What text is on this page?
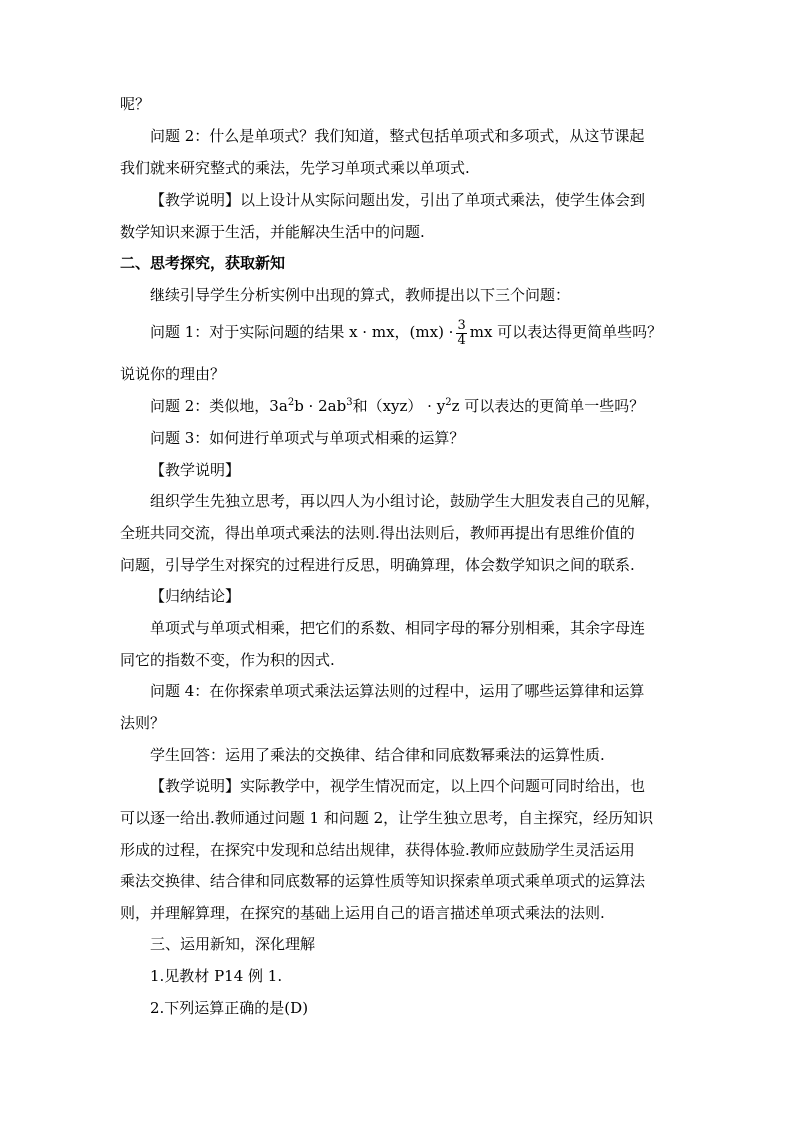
呢？
问题 2：什么是单项式？我们知道，整式包括单项式和多项式，从这节课起
我们就来研究整式的乘法，先学习单项式乘以单项式.
【教学说明】以上设计从实际问题出发，引出了单项式乘法，使学生体会到
数学知识来源于生活，并能解决生活中的问题.
二、思考探究，获取新知
继续引导学生分析实例中出现的算式，教师提出以下三个问题：
问题 1：对于实际问题的结果 x · mx，$(mx) \cdot \frac{3}{4}$ mx 可以表达得更简单些吗？
说说你的理由？
问题 2：类似地，$3a^2b \cdot 2ab^3$和$(xyz) \cdot y^2z$ 可以表达的更简单一些吗？
问题 3：如何进行单项式与单项式相乘的运算？
【教学说明】
组织学生先独立思考，再以四人为小组讨论，鼓励学生大胆发表自己的见解，
全班共同交流，得出单项式乘法的法则.得出法则后，教师再提出有思维价值的
问题，引导学生对探究的过程进行反思，明确算理，体会数学知识之间的联系.
【归纳结论】
单项式与单项式相乘，把它们的系数、相同字母的幂分别相乘，其余字母连
同它的指数不变，作为积的因式.
问题 4：在你探索单项式乘法运算法则的过程中，运用了哪些运算律和运算
法则？
学生回答：运用了乘法的交换律、结合律和同底数幂乘法的运算性质.
【教学说明】实际教学中，视学生情况而定，以上四个问题可同时给出，也
可以逐一给出.教师通过问题 1 和问题 2，让学生独立思考，自主探究，经历知识
形成的过程，在探究中发现和总结出规律，获得体验.教师应鼓励学生灵活运用
乘法交换律、结合律和同底数幂的运算性质等知识探索单项式乘单项式的运算法
则，并理解算理，在探究的基础上运用自己的语言描述单项式乘法的法则.
三、运用新知，深化理解
1.见教材 P14 例 1.
2.下列运算正确的是(D)
